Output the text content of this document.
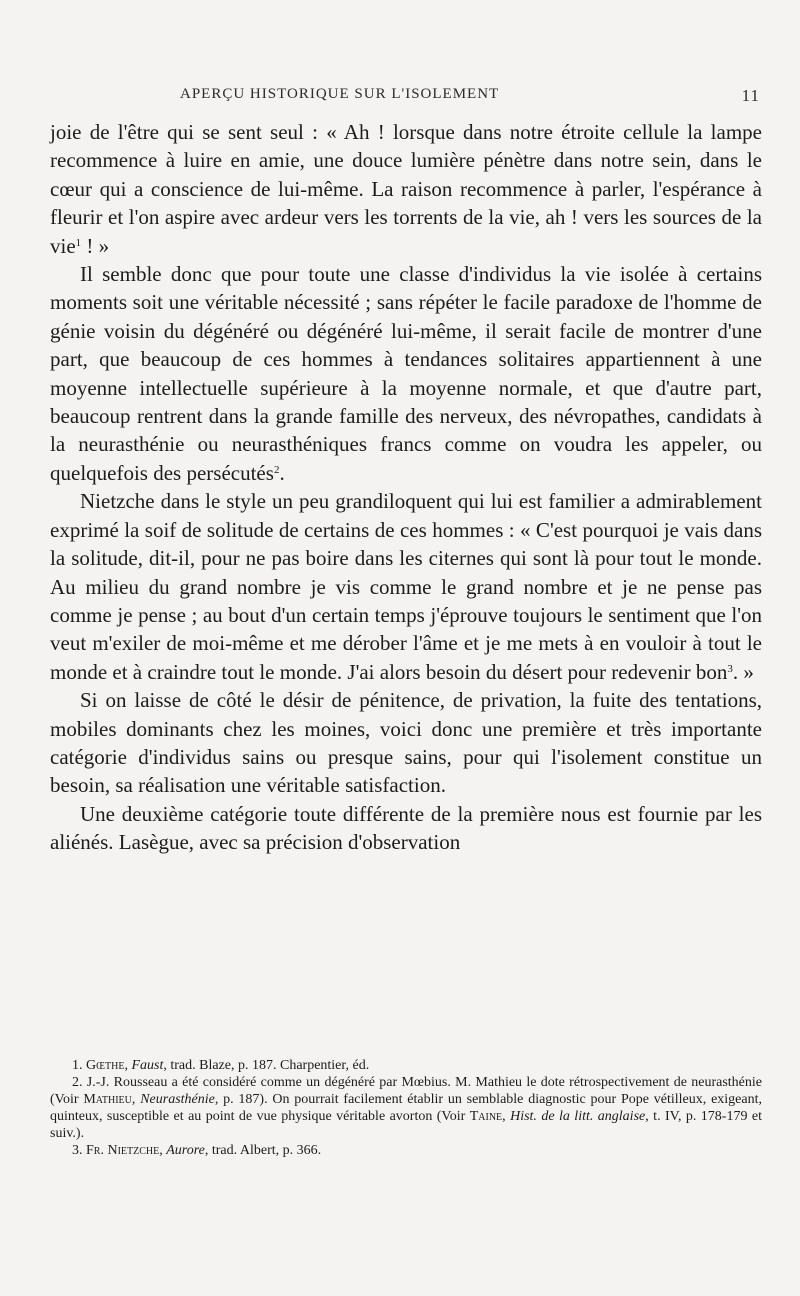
APERÇU HISTORIQUE SUR L'ISOLEMENT	11

joie de l'être qui se sent seul : « Ah ! lorsque dans notre étroite cellule la lampe recommence à luire en amie, une douce lumière pénètre dans notre sein, dans le cœur qui a conscience de lui-même. La raison recommence à parler, l'espérance à fleurir et l'on aspire avec ardeur vers les torrents de la vie, ah ! vers les sources de la vie$^1$ ! »

Il semble donc que pour toute une classe d'individus la vie isolée à certains moments soit une véritable nécessité ; sans répéter le facile paradoxe de l'homme de génie voisin du dégénéré ou dégénéré lui-même, il serait facile de montrer d'une part, que beaucoup de ces hommes à tendances solitaires appartiennent à une moyenne intellectuelle supérieure à la moyenne normale, et que d'autre part, beaucoup rentrent dans la grande famille des nerveux, des névropathes, candidats à la neurasthénie ou neurasthéniques francs comme on voudra les appeler, ou quelquefois des persécutés$^2$.

Nietzche dans le style un peu grandiloquent qui lui est familier a admirablement exprimé la soif de solitude de certains de ces hommes : « C'est pourquoi je vais dans la solitude, dit-il, pour ne pas boire dans les citernes qui sont là pour tout le monde. Au milieu du grand nombre je vis comme le grand nombre et je ne pense pas comme je pense ; au bout d'un certain temps j'éprouve toujours le sentiment que l'on veut m'exiler de moi-même et me dérober l'âme et je me mets à en vouloir à tout le monde et à craindre tout le monde. J'ai alors besoin du désert pour redevenir bon$^3$. »

Si on laisse de côté le désir de pénitence, de privation, la fuite des tentations, mobiles dominants chez les moines, voici donc une première et très importante catégorie d'individus sains ou presque sains, pour qui l'isolement constitue un besoin, sa réalisation une véritable satisfaction.

Une deuxième catégorie toute différente de la première nous est fournie par les aliénés. Lasègue, avec sa précision d'observation

1. Gœthe, Faust, trad. Blaze, p. 187. Charpentier, éd.

2. J.-J. Rousseau a été considéré comme un dégénéré par Mœbius. M. Mathieu le dote rétrospectivement de neurasthénie (Voir Mathieu, Neurasthénie, p. 187). On pourrait facilement établir un semblable diagnostic pour Pope vétilleux, exigeant, quinteux, susceptible et au point de vue physique véritable avorton (Voir Taine, Hist. de la litt. anglaise, t. IV, p. 178-179 et suiv.).

3. Fr. Nietzche, Aurore, trad. Albert, p. 366.
